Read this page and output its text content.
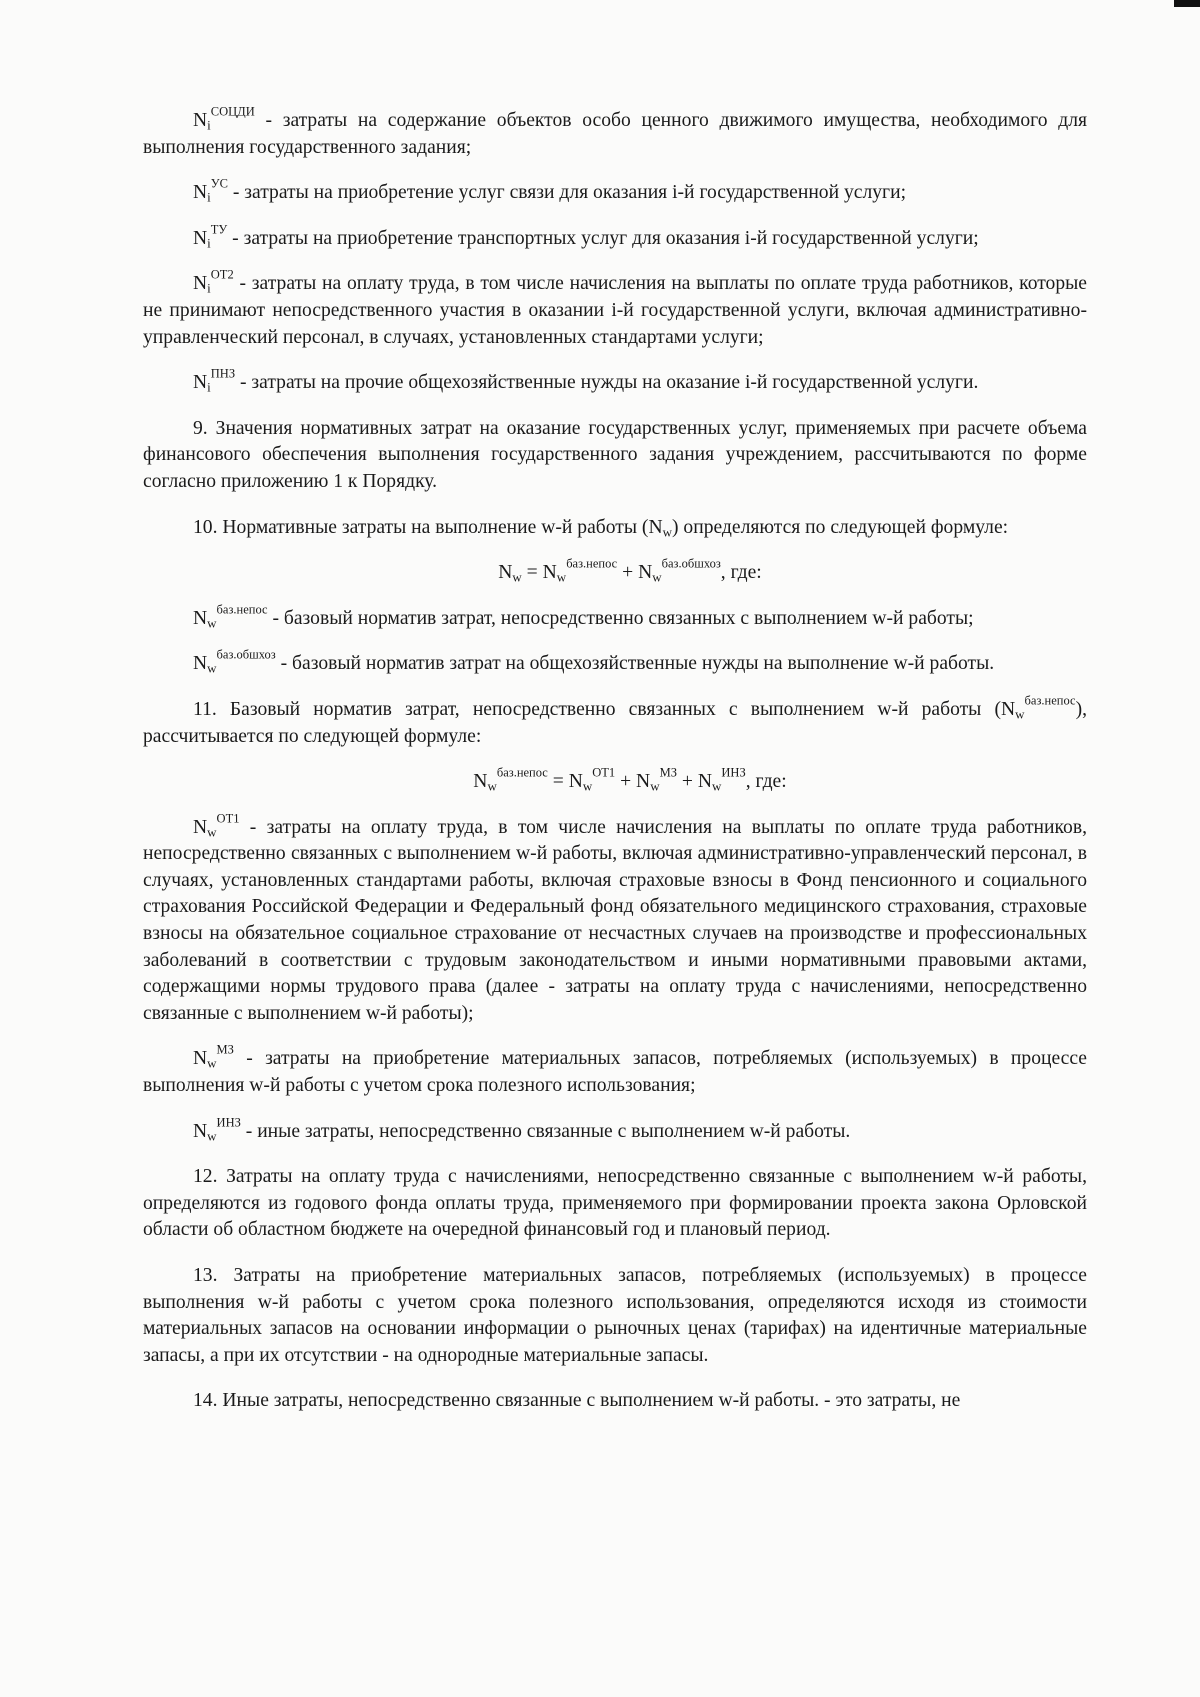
$N_i^{СОЦДИ}$ - затраты на содержание объектов особо ценного движимого имущества, необходимого для выполнения государственного задания;

$N_i^{УС}$ - затраты на приобретение услуг связи для оказания i-й государственной услуги;

$N_i^{ТУ}$ - затраты на приобретение транспортных услуг для оказания i-й государственной услуги;

$N_i^{ОТ2}$ - затраты на оплату труда, в том числе начисления на выплаты по оплате труда работников, которые не принимают непосредственного участия в оказании i-й государственной услуги, включая административно-управленческий персонал, в случаях, установленных стандартами услуги;

$N_i^{ПНЗ}$ - затраты на прочие общехозяйственные нужды на оказание i-й государственной услуги.

9. Значения нормативных затрат на оказание государственных услуг, применяемых при расчете объема финансового обеспечения выполнения государственного задания учреждением, рассчитываются по форме согласно приложению 1 к Порядку.

10. Нормативные затраты на выполнение w-й работы $(N_w)$ определяются по следующей формуле:

$N_w = N_w^{баз.непос} + N_w^{баз.обшхоз}$, где:

$N_w^{баз.непос}$ - базовый норматив затрат, непосредственно связанных с выполнением w-й работы;

$N_w^{баз.обшхоз}$ - базовый норматив затрат на общехозяйственные нужды на выполнение w-й работы.

11. Базовый норматив затрат, непосредственно связанных с выполнением w-й работы $(N_w^{баз.непос})$, рассчитывается по следующей формуле:

$N_w^{баз.непос} = N_w^{ОТ1} + N_w^{МЗ} + N_w^{ИНЗ}$, где:

$N_w^{ОТ1}$ - затраты на оплату труда, в том числе начисления на выплаты по оплате труда работников, непосредственно связанных с выполнением w-й работы, включая административно-управленческий персонал, в случаях, установленных стандартами работы, включая страховые взносы в Фонд пенсионного и социального страхования Российской Федерации и Федеральный фонд обязательного медицинского страхования, страховые взносы на обязательное социальное страхование от несчастных случаев на производстве и профессиональных заболеваний в соответствии с трудовым законодательством и иными нормативными правовыми актами, содержащими нормы трудового права (далее - затраты на оплату труда с начислениями, непосредственно связанные с выполнением w-й работы);

$N_w^{МЗ}$ - затраты на приобретение материальных запасов, потребляемых (используемых) в процессе выполнения w-й работы с учетом срока полезного использования;

$N_w^{ИНЗ}$ - иные затраты, непосредственно связанные с выполнением w-й работы.

12. Затраты на оплату труда с начислениями, непосредственно связанные с выполнением w-й работы, определяются из годового фонда оплаты труда, применяемого при формировании проекта закона Орловской области об областном бюджете на очередной финансовый год и плановый период.

13. Затраты на приобретение материальных запасов, потребляемых (используемых) в процессе выполнения w-й работы с учетом срока полезного использования, определяются исходя из стоимости материальных запасов на основании информации о рыночных ценах (тарифах) на идентичные материальные запасы, а при их отсутствии - на однородные материальные запасы.

14. Иные затраты, непосредственно связанные с выполнением w-й работы. - это затраты, не
